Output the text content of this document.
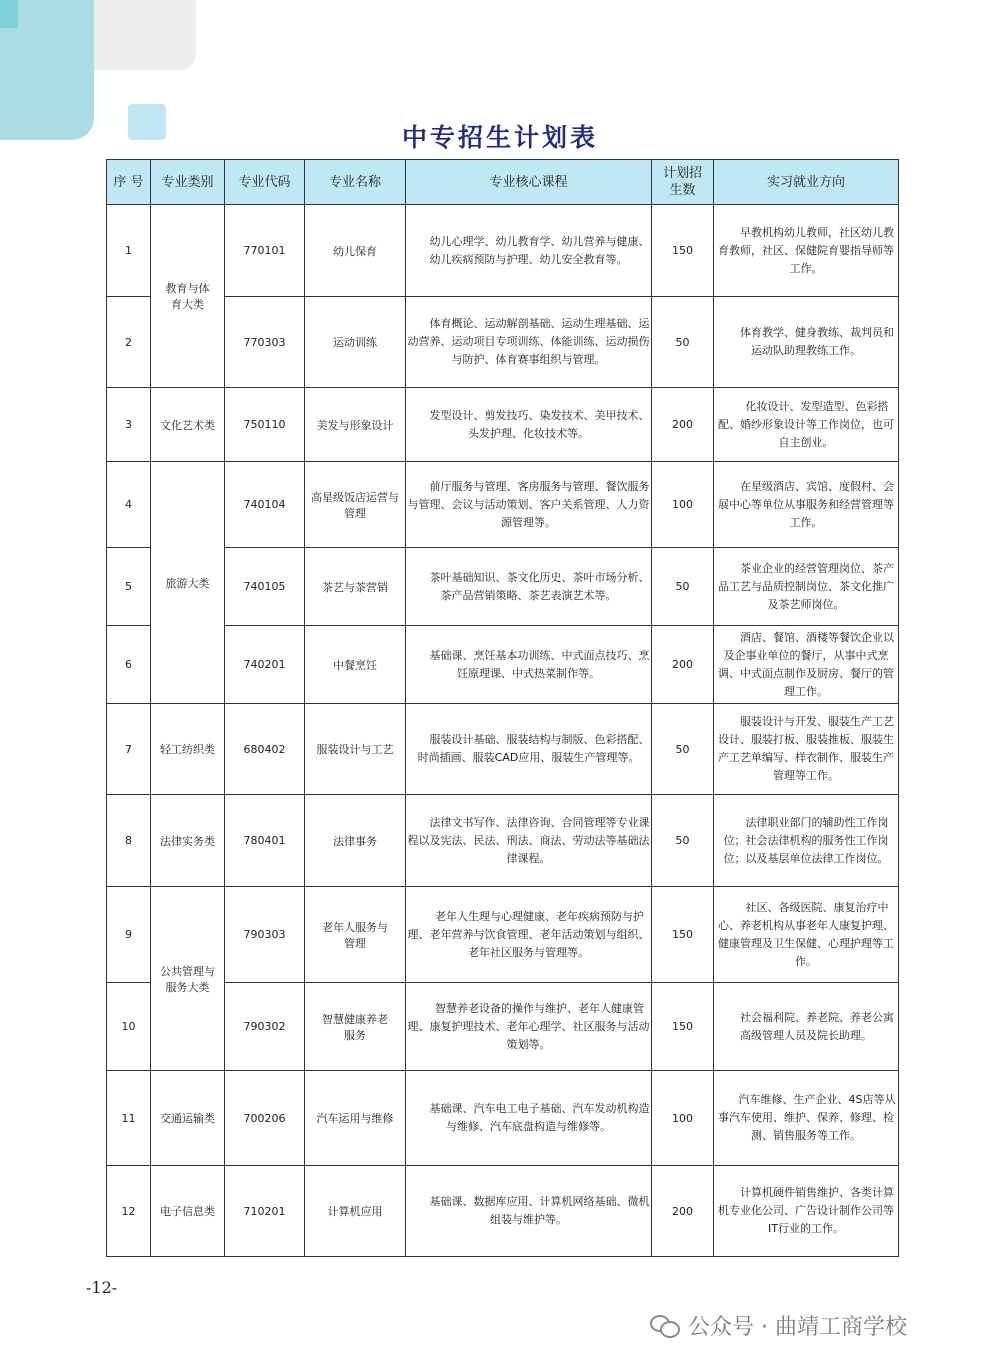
中专招生计划表
序 号	专业类别	专业代码	专业名称	专业核心课程	计划招生数	实习就业方向
1	教育与体育大类	770101	幼儿保育	幼儿心理学、幼儿教育学、幼儿营养与健康、幼儿疾病预防与护理、幼儿安全教育等。	150	早教机构幼儿教师，社区幼儿教育教师，社区、保健院育婴指导师等工作。
2		770303	运动训练	体育概论、运动解剖基础、运动生理基础、运动营养、运动项目专项训练、体能训练、运动损伤与防护、体育赛事组织与管理。	50	体育教学、健身教练、裁判员和运动队助理教练工作。
3	文化艺术类	750110	美发与形象设计	发型设计、剪发技巧、染发技术、美甲技术、头发护理、化妆技术等。	200	化妆设计、发型造型、色彩搭配、婚纱形象设计等工作岗位，也可自主创业。
4	旅游大类	740104	高星级饭店运营与管理	前厅服务与管理、客房服务与管理、餐饮服务与管理、会议与活动策划、客户关系管理、人力资源管理等。	100	在星级酒店、宾馆、度假村、会展中心等单位从事服务和经营管理等工作。
5		740105	茶艺与茶营销	茶叶基础知识、茶文化历史、茶叶市场分析、茶产品营销策略、茶艺表演艺术等。	50	茶业企业的经营管理岗位、茶产品工艺与品质控制岗位、茶文化推广及茶艺师岗位。
6		740201	中餐烹饪	基础课、烹饪基本功训练、中式面点技巧、烹饪原理课、中式热菜制作等。	200	酒店、餐馆、酒楼等餐饮企业以及企事业单位的餐厅，从事中式烹调、中式面点制作及厨房、餐厅的管理工作。
7	轻工纺织类	680402	服装设计与工艺	服装设计基础、服装结构与制版、色彩搭配、时尚插画、服装CAD应用、服装生产管理等。	50	服装设计与开发、服装生产工艺设计、服装打板、服装推板、服装生产工艺单编写、样衣制作、服装生产管理等工作。
8	法律实务类	780401	法律事务	法律文书写作、法律咨询、合同管理等专业课程以及宪法、民法、刑法、商法、劳动法等基础法律课程。	50	法律职业部门的辅助性工作岗位；社会法律机构的服务性工作岗位；以及基层单位法律工作岗位。
9	公共管理与服务大类	790303	老年人服务与管理	老年人生理与心理健康、老年疾病预防与护理、老年营养与饮食管理、老年活动策划与组织、老年社区服务与管理等。	150	社区、各级医院、康复治疗中心、养老机构从事老年人康复护理、健康管理及卫生保健、心理护理等工作。
10		790302	智慧健康养老服务	智慧养老设备的操作与维护、老年人健康管理、康复护理技术、老年心理学、社区服务与活动策划等。	150	社会福利院、养老院、养老公寓高级管理人员及院长助理。
11	交通运输类	700206	汽车运用与维修	基础课、汽车电工电子基础、汽车发动机构造与维修、汽车底盘构造与维修等。	100	汽车维修、生产企业、4S店等从事汽车使用、维护、保养、修理、检测、销售服务等工作。
12	电子信息类	710201	计算机应用	基础课、数据库应用、计算机网络基础、微机组装与维护等。	200	计算机硬件销售维护、各类计算机专业化公司、广告设计制作公司等IT行业的工作。
-12-
公众号 · 曲靖工商学校
